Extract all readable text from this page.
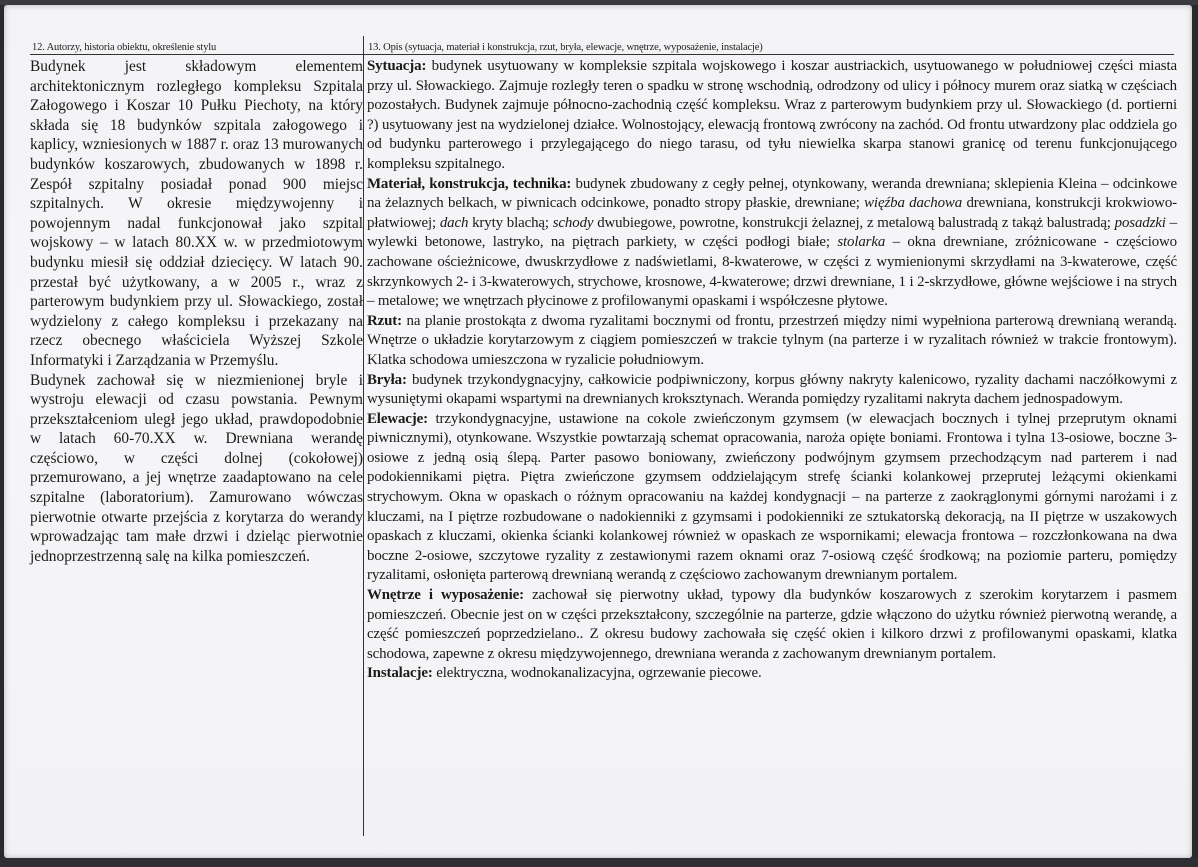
12. Autorzy, historia obiektu, określenie stylu

Budynek jest składowym elementem architektonicznym rozległego kompleksu Szpitala Załogowego i Koszar 10 Pułku Piechoty, na który składa się 18 budynków szpitala załogowego i kaplicy, wzniesionych w 1887 r. oraz 13 murowanych budynków koszarowych, zbudowanych w 1898 r. Zespół szpitalny posiadał ponad 900 miejsc szpitalnych. W okresie międzywojenny i powojennym nadal funkcjonował jako szpital wojskowy – w latach 80.XX w. w przedmiotowym budynku miesił się oddział dziecięcy. W latach 90. przestał być użytkowany, a w 2005 r., wraz z parterowym budynkiem przy ul. Słowackiego, został wydzielony z całego kompleksu i przekazany na rzecz obecnego właściciela Wyższej Szkole Informatyki i Zarządzania w Przemyślu.

Budynek zachował się w niezmienionej bryle i wystroju elewacji od czasu powstania. Pewnym przekształceniom uległ jego układ, prawdopodobnie w latach 60-70.XX w. Drewniana werandę częściowo, w części dolnej (cokołowej) przemurowano, a jej wnętrze zaadaptowano na cele szpitalne (laboratorium). Zamurowano wówczas pierwotnie otwarte przejścia z korytarza do werandy wprowadzając tam małe drzwi i dzieląc pierwotnie jednoprzestrzenną salę na kilka pomieszczeń.

13. Opis (sytuacja, materiał i konstrukcja, rzut, bryła, elewacje, wnętrze, wyposażenie, instalacje)

Sytuacja: budynek usytuowany w kompleksie szpitala wojskowego i koszar austriackich, usytuowanego w południowej części miasta przy ul. Słowackiego. Zajmuje rozległy teren o spadku w stronę wschodnią, odrodzony od ulicy i północy murem oraz siatką w częściach pozostałych. Budynek zajmuje północno-zachodnią część kompleksu. Wraz z parterowym budynkiem przy ul. Słowackiego (d. portierni ?) usytuowany jest na wydzielonej działce. Wolnostojący, elewacją frontową zwrócony na zachód. Od frontu utwardzony plac oddziela go od budynku parterowego i przylegającego do niego tarasu, od tyłu niewielka skarpa stanowi granicę od terenu funkcjonującego kompleksu szpitalnego.

Materiał, konstrukcja, technika: budynek zbudowany z cegły pełnej, otynkowany, weranda drewniana; sklepienia Kleina – odcinkowe na żelaznych belkach, w piwnicach odcinkowe, ponadto stropy płaskie, drewniane; więźba dachowa drewniana, konstrukcji krokwiowo-płatwiowej; dach kryty blachą; schody dwubiegowe, powrotne, konstrukcji żelaznej, z metalową balustradą z takąż balustradą; posadzki – wylewki betonowe, lastryko, na piętrach parkiety, w części podłogi białe; stolarka – okna drewniane, zróżnicowane - częściowo zachowane ościeżnicowe, dwuskrzydłowe z nadświetlami, 8-kwaterowe, w części z wymienionymi skrzydłami na 3-kwaterowe, część skrzynkowych 2- i 3-kwaterowych, strychowe, krosnowe, 4-kwaterowe; drzwi drewniane, 1 i 2-skrzydłowe, główne wejściowe i na strych – metalowe; we wnętrzach płycinowe z profilowanymi opaskami i współczesne płytowe.

Rzut: na planie prostokąta z dwoma ryzalitami bocznymi od frontu, przestrzeń między nimi wypełniona parterową drewnianą werandą. Wnętrze o układzie korytarzowym z ciągiem pomieszczeń w trakcie tylnym (na parterze i w ryzalitach również w trakcie frontowym). Klatka schodowa umieszczona w ryzalicie południowym.

Bryła: budynek trzykondygnacyjny, całkowicie podpiwniczony, korpus główny nakryty kalenicowo, ryzality dachami naczółkowymi z wysuniętymi okapami wspartymi na drewnianych kroksztynach. Weranda pomiędzy ryzalitami nakryta dachem jednospadowym.

Elewacje: trzykondygnacyjne, ustawione na cokole zwieńczonym gzymsem (w elewacjach bocznych i tylnej przeprutym oknami piwnicznymi), otynkowane. Wszystkie powtarzają schemat opracowania, naroża opięte boniami. Frontowa i tylna 13-osiowe, boczne 3-osiowe z jedną osią ślepą. Parter pasowo boniowany, zwieńczony podwójnym gzymsem przechodzącym nad parterem i nad podokiennikami piętra. Piętra zwieńczone gzymsem oddzielającym strefę ścianki kolankowej przeprutej leżącymi okienkami strychowym. Okna w opaskach o różnym opracowaniu na każdej kondygnacji – na parterze z zaokrąglonymi górnymi narożami i z kluczami, na I piętrze rozbudowane o nadokienniki z gzymsami i podokienniki ze sztukatorską dekoracją, na II piętrze w uszakowych opaskach z kluczami, okienka ścianki kolankowej również w opaskach ze wspornikami; elewacja frontowa – rozczłonkowana na dwa boczne 2-osiowe, szczytowe ryzality z zestawionymi razem oknami oraz 7-osiową część środkową; na poziomie parteru, pomiędzy ryzalitami, osłonięta parterową drewnianą werandą z częściowo zachowanym drewnianym portalem.

Wnętrze i wyposażenie: zachował się pierwotny układ, typowy dla budynków koszarowych z szerokim korytarzem i pasmem pomieszczeń. Obecnie jest on w części przekształcony, szczególnie na parterze, gdzie włączono do użytku również pierwotną werandę, a część pomieszczeń poprzedzielano.. Z okresu budowy zachowała się część okien i kilkoro drzwi z profilowanymi opaskami, klatka schodowa, zapewne z okresu międzywojennego, drewniana weranda z zachowanym drewnianym portalem.

Instalacje: elektryczna, wodnokanalizacyjna, ogrzewanie piecowe.
